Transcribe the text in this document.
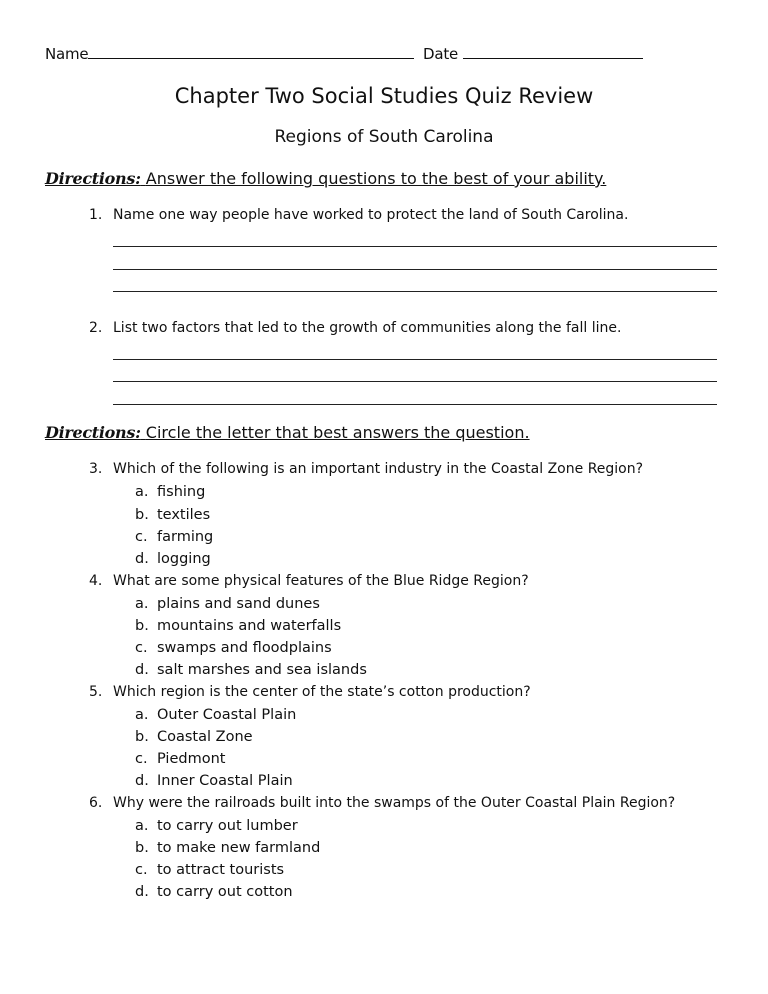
Name	Date
Chapter Two Social Studies Quiz Review
Regions of South Carolina
Directions: Answer the following questions to the best of your ability.
1. Name one way people have worked to protect the land of South Carolina.
2. List two factors that led to the growth of communities along the fall line.
Directions: Circle the letter that best answers the question.
3. Which of the following is an important industry in the Coastal Zone Region?
a. fishing
b. textiles
c. farming
d. logging
4. What are some physical features of the Blue Ridge Region?
a. plains and sand dunes
b. mountains and waterfalls
c. swamps and floodplains
d. salt marshes and sea islands
5. Which region is the center of the state’s cotton production?
a. Outer Coastal Plain
b. Coastal Zone
c. Piedmont
d. Inner Coastal Plain
6. Why were the railroads built into the swamps of the Outer Coastal Plain Region?
a. to carry out lumber
b. to make new farmland
c. to attract tourists
d. to carry out cotton
